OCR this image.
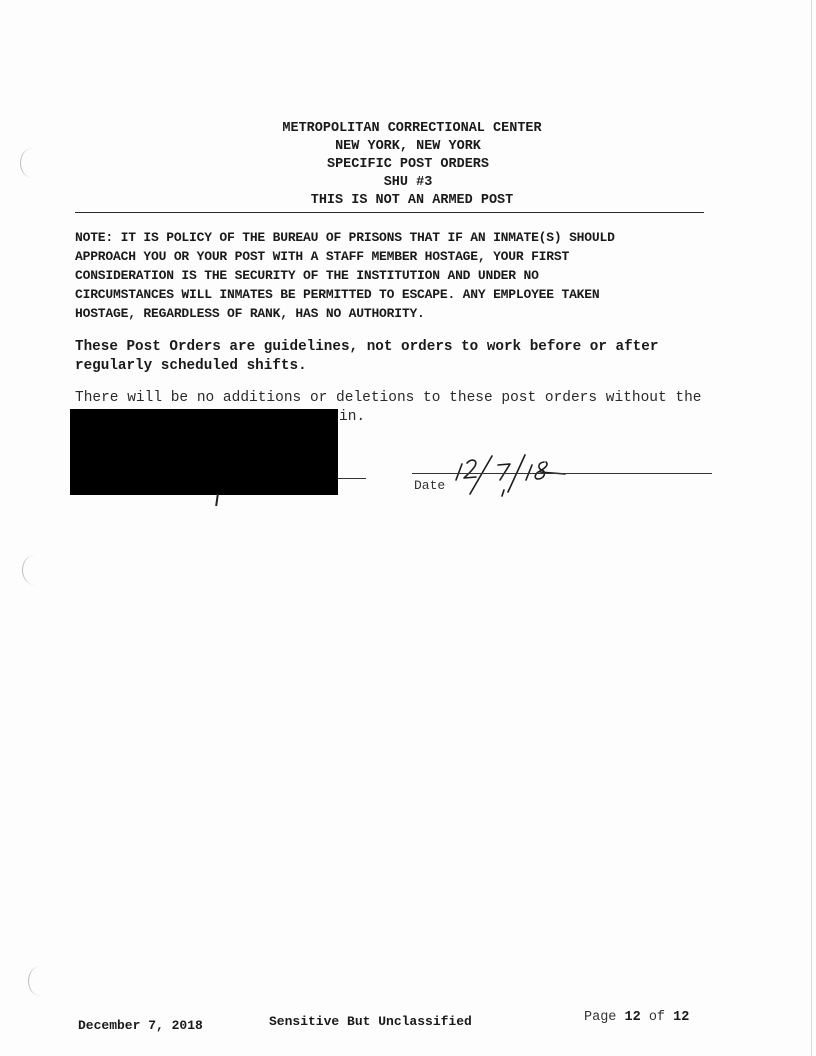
METROPOLITAN CORRECTIONAL CENTER
NEW YORK, NEW YORK
SPECIFIC POST ORDERS
SHU #3
THIS IS NOT AN ARMED POST
NOTE: IT IS POLICY OF THE BUREAU OF PRISONS THAT IF AN INMATE(S) SHOULD
APPROACH YOU OR YOUR POST WITH A STAFF MEMBER HOSTAGE, YOUR FIRST
CONSIDERATION IS THE SECURITY OF THE INSTITUTION AND UNDER NO
CIRCUMSTANCES WILL INMATES BE PERMITTED TO ESCAPE. ANY EMPLOYEE TAKEN
HOSTAGE, REGARDLESS OF RANK, HAS NO AUTHORITY.
These Post Orders are guidelines, not orders to work before or after
regularly scheduled shifts.
There will be no additions or deletions to these post orders without the
in.
Date
December 7, 2018	Sensitive But Unclassified	Page 12 of 12
